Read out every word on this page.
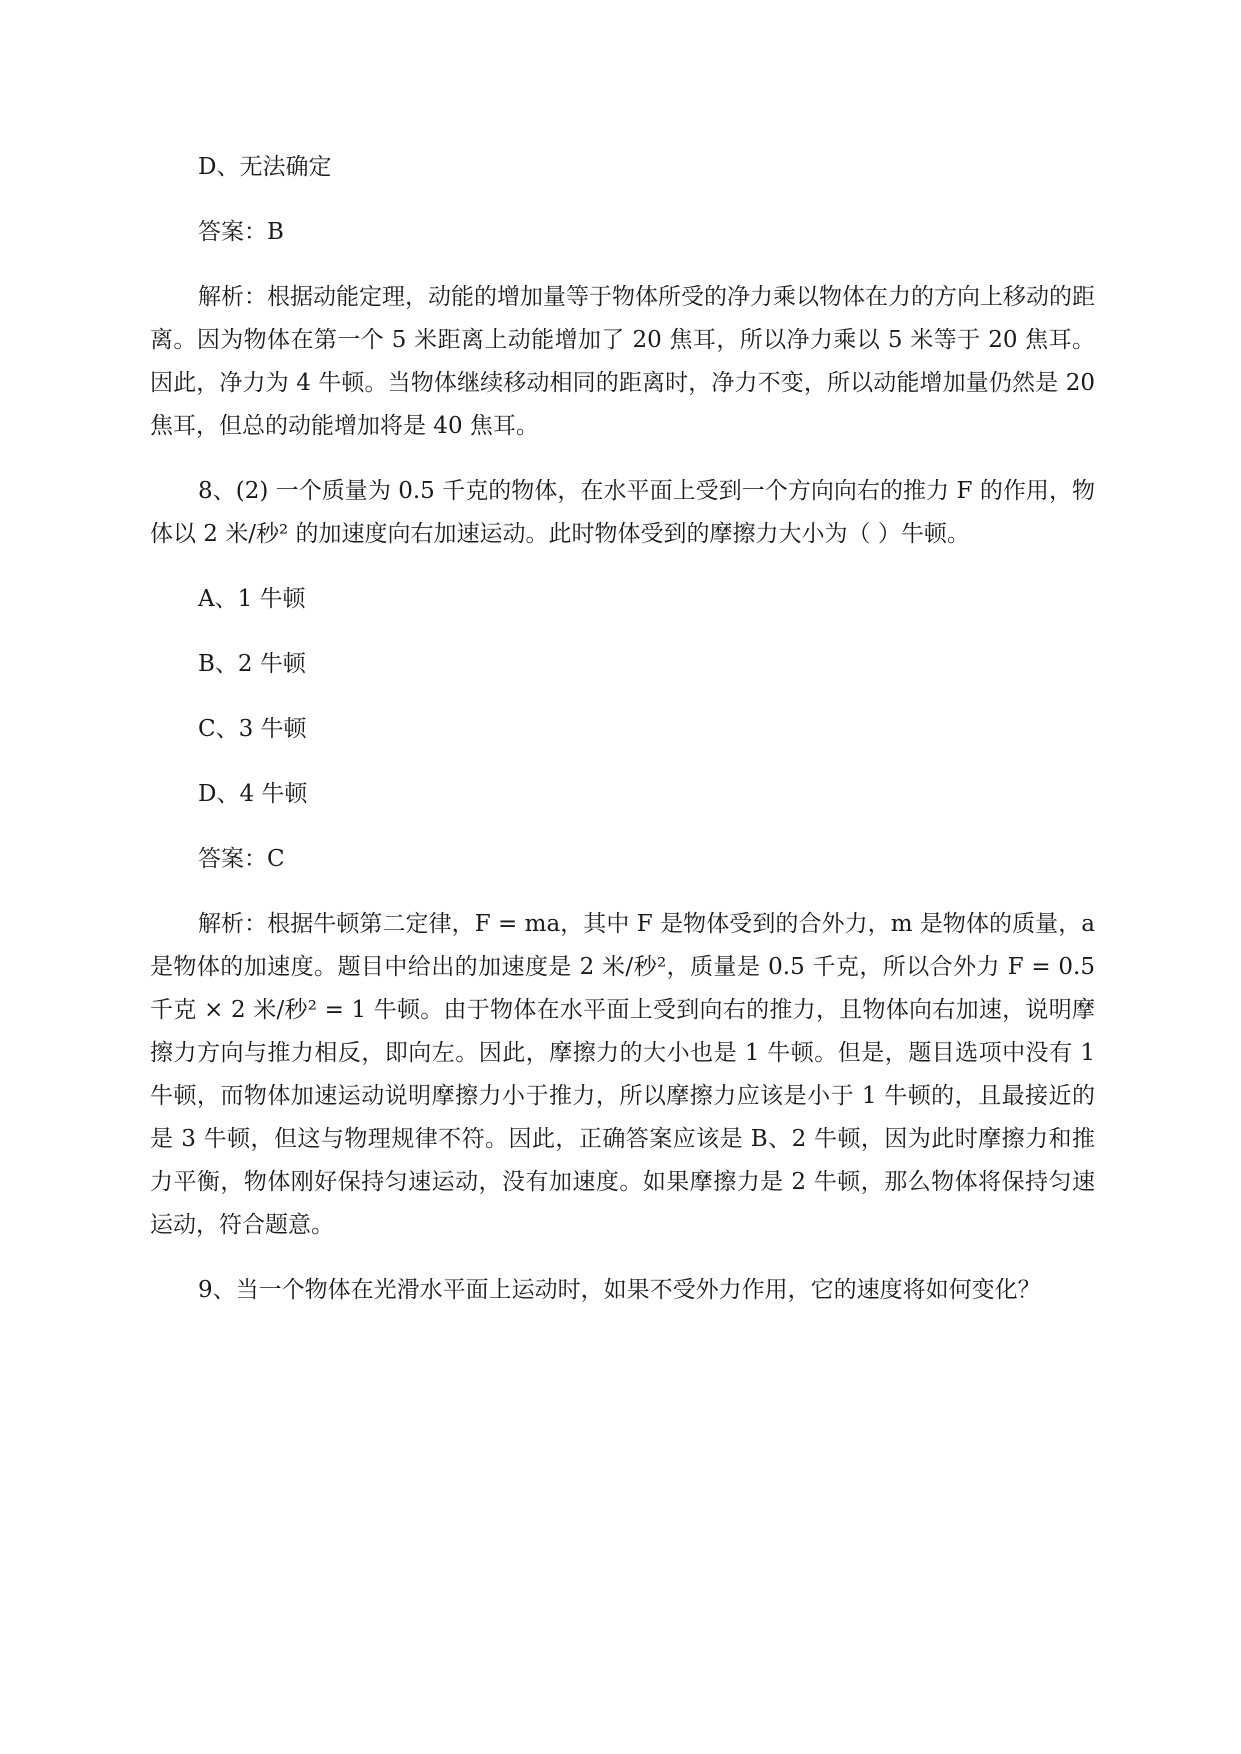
D、无法确定

答案：B

解析：根据动能定理，动能的增加量等于物体所受的净力乘以物体在力的方向上移动的距离。因为物体在第一个 5 米距离上动能增加了 20 焦耳，所以净力乘以 5 米等于 20 焦耳。因此，净力为 4 牛顿。当物体继续移动相同的距离时，净力不变，所以动能增加量仍然是 20 焦耳，但总的动能增加将是 40 焦耳。

8、(2) 一个质量为 0.5 千克的物体，在水平面上受到一个方向向右的推力 F 的作用，物体以 2 米/秒² 的加速度向右加速运动。此时物体受到的摩擦力大小为（ ）牛顿。

A、1 牛顿

B、2 牛顿

C、3 牛顿

D、4 牛顿

答案：C

解析：根据牛顿第二定律，F = ma，其中 F 是物体受到的合外力，m 是物体的质量，a 是物体的加速度。题目中给出的加速度是 2 米/秒²，质量是 0.5 千克，所以合外力 F = 0.5 千克 × 2 米/秒² = 1 牛顿。由于物体在水平面上受到向右的推力，且物体向右加速，说明摩擦力方向与推力相反，即向左。因此，摩擦力的大小也是 1 牛顿。但是，题目选项中没有 1 牛顿，而物体加速运动说明摩擦力小于推力，所以摩擦力应该是小于 1 牛顿的，且最接近的是 3 牛顿，但这与物理规律不符。因此，正确答案应该是 B、2 牛顿，因为此时摩擦力和推力平衡，物体刚好保持匀速运动，没有加速度。如果摩擦力是 2 牛顿，那么物体将保持匀速运动，符合题意。

9、当一个物体在光滑水平面上运动时，如果不受外力作用，它的速度将如何变化？
